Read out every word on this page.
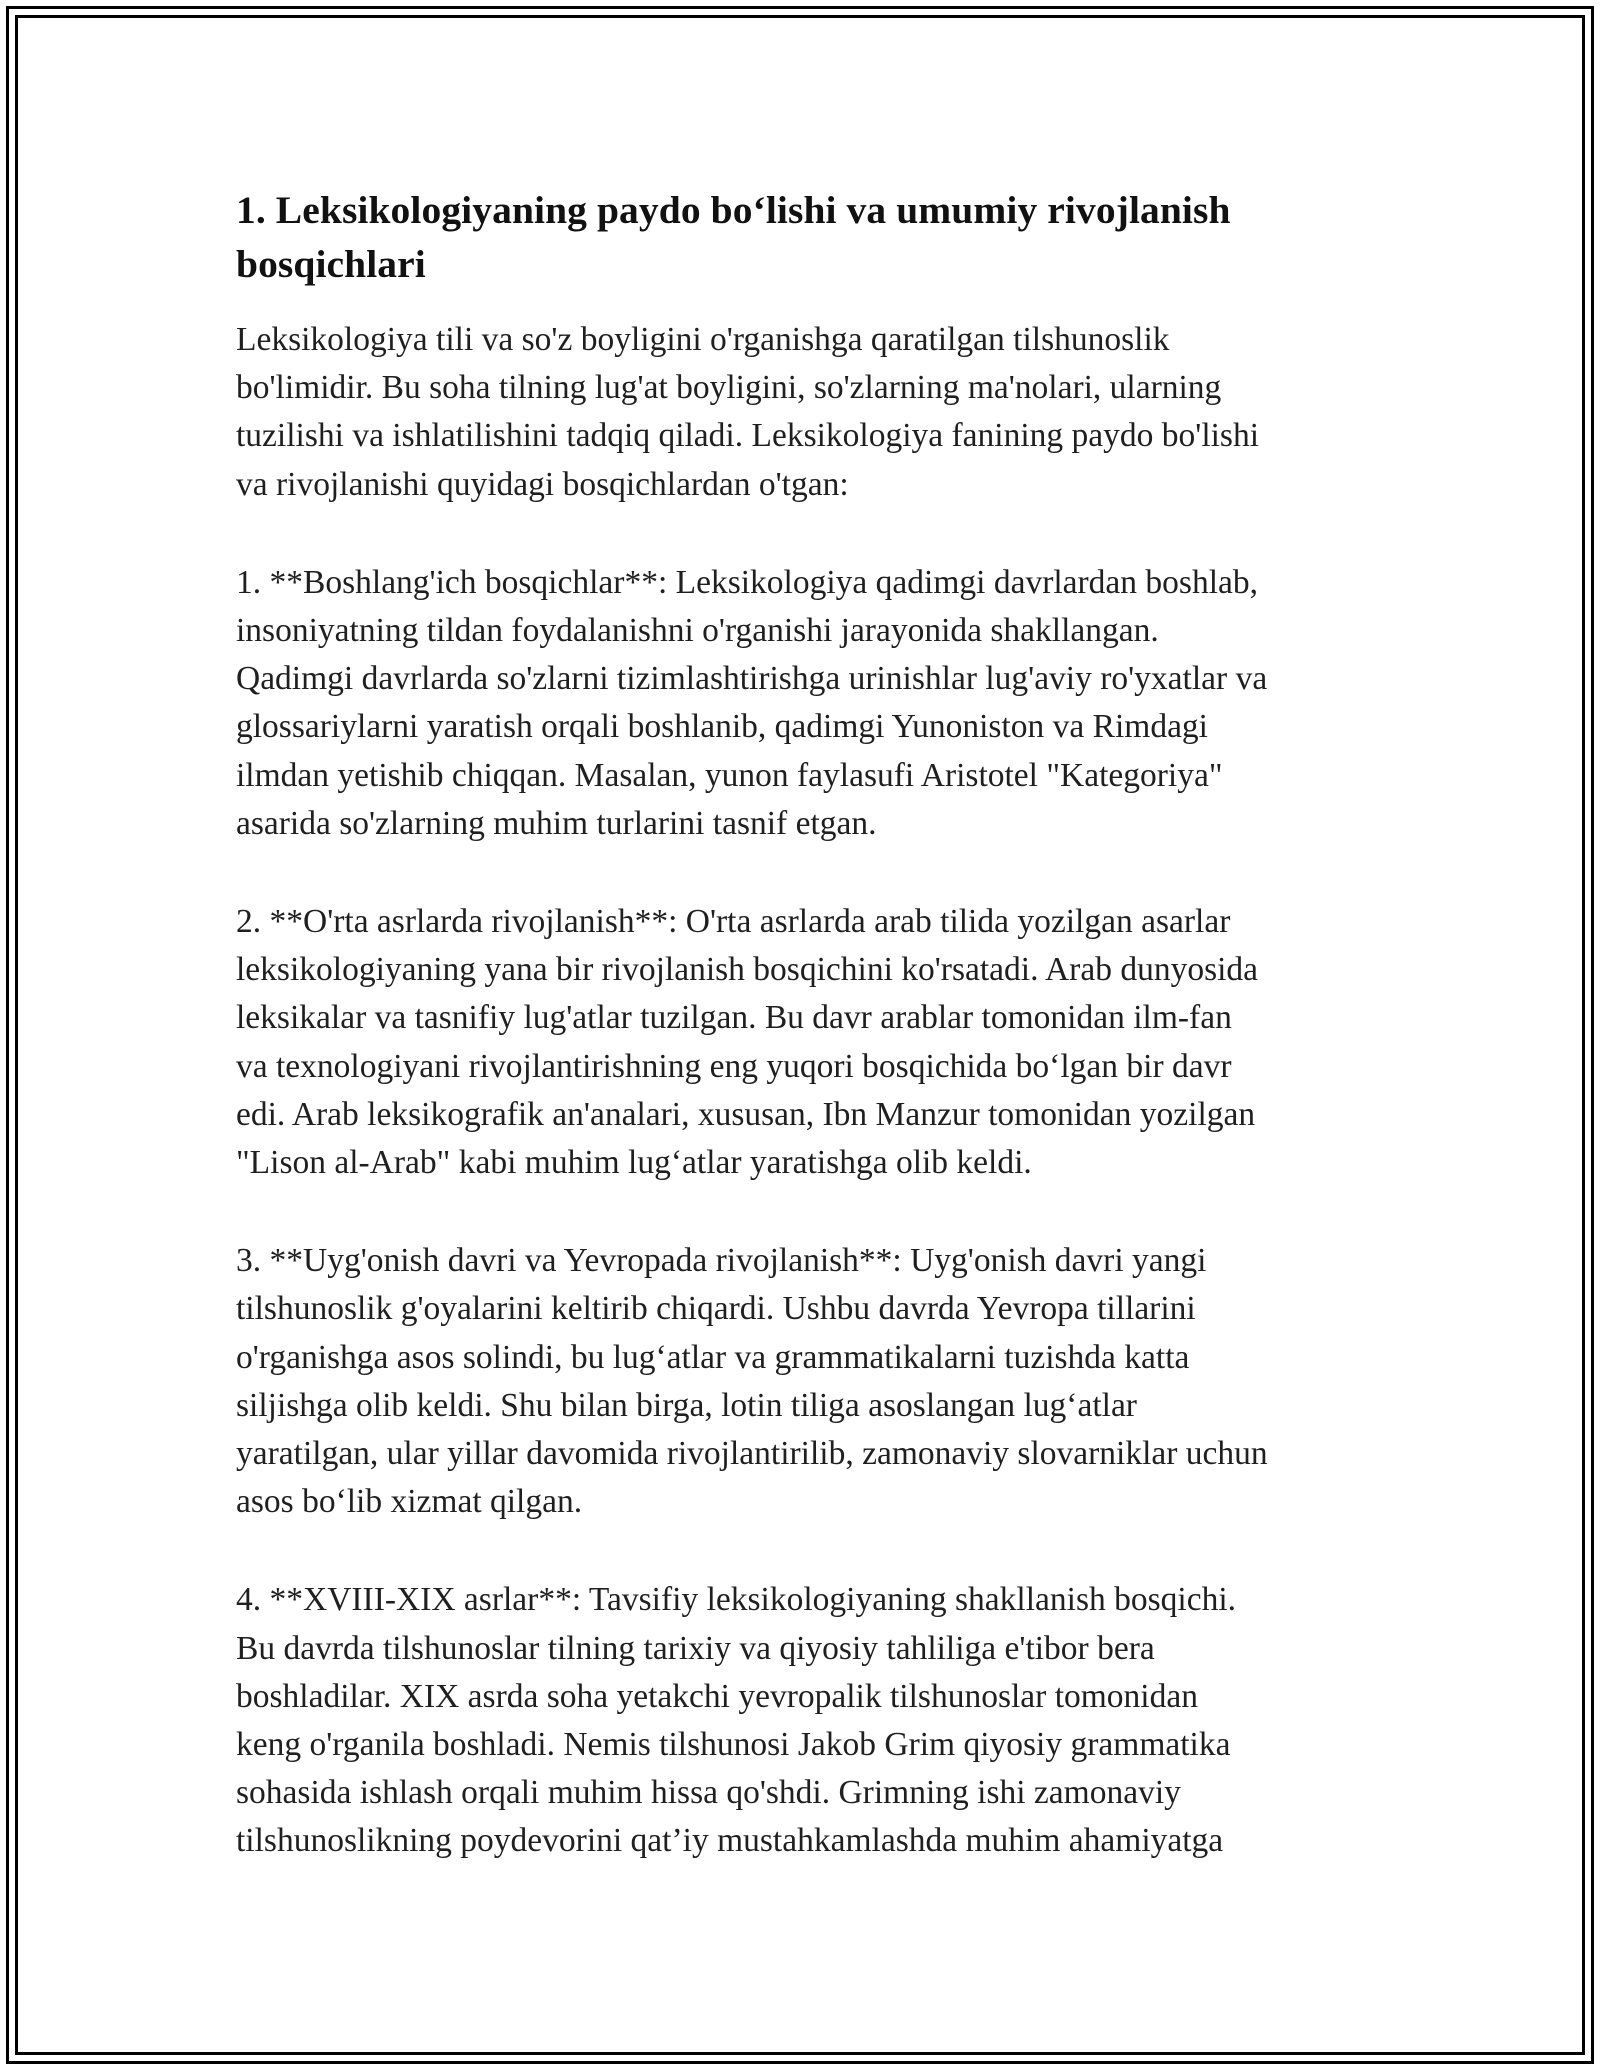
1. Leksikologiyaning paydo bo‘lishi va umumiy rivojlanish
bosqichlari

Leksikologiya tili va so'z boyligini o'rganishga qaratilgan tilshunoslik
bo'limidir. Bu soha tilning lug'at boyligini, so'zlarning ma'nolari, ularning
tuzilishi va ishlatilishini tadqiq qiladi. Leksikologiya fanining paydo bo'lishi
va rivojlanishi quyidagi bosqichlardan o'tgan:

1. **Boshlang'ich bosqichlar**: Leksikologiya qadimgi davrlardan boshlab,
insoniyatning tildan foydalanishni o'rganishi jarayonida shakllangan.
Qadimgi davrlarda so'zlarni tizimlashtirishga urinishlar lug'aviy ro'yxatlar va
glossariylarni yaratish orqali boshlanib, qadimgi Yunoniston va Rimdagi
ilmdan yetishib chiqqan. Masalan, yunon faylasufi Aristotel "Kategoriya"
asarida so'zlarning muhim turlarini tasnif etgan.

2. **O'rta asrlarda rivojlanish**: O'rta asrlarda arab tilida yozilgan asarlar
leksikologiyaning yana bir rivojlanish bosqichini ko'rsatadi. Arab dunyosida
leksikalar va tasnifiy lug'atlar tuzilgan. Bu davr arablar tomonidan ilm-fan
va texnologiyani rivojlantirishning eng yuqori bosqichida bo‘lgan bir davr
edi. Arab leksikografik an'analari, xususan, Ibn Manzur tomonidan yozilgan
"Lison al-Arab" kabi muhim lug‘atlar yaratishga olib keldi.

3. **Uyg'onish davri va Yevropada rivojlanish**: Uyg'onish davri yangi
tilshunoslik g'oyalarini keltirib chiqardi. Ushbu davrda Yevropa tillarini
o'rganishga asos solindi, bu lug‘atlar va grammatikalarni tuzishda katta
siljishga olib keldi. Shu bilan birga, lotin tiliga asoslangan lug‘atlar
yaratilgan, ular yillar davomida rivojlantirilib, zamonaviy slovarniklar uchun
asos bo‘lib xizmat qilgan.

4. **XVIII-XIX asrlar**: Tavsifiy leksikologiyaning shakllanish bosqichi.
Bu davrda tilshunoslar tilning tarixiy va qiyosiy tahliliga e'tibor bera
boshladilar. XIX asrda soha yetakchi yevropalik tilshunoslar tomonidan
keng o'rganila boshladi. Nemis tilshunosi Jakob Grim qiyosiy grammatika
sohasida ishlash orqali muhim hissa qo'shdi. Grimning ishi zamonaviy
tilshunoslikning poydevorini qat’iy mustahkamlashda muhim ahamiyatga
